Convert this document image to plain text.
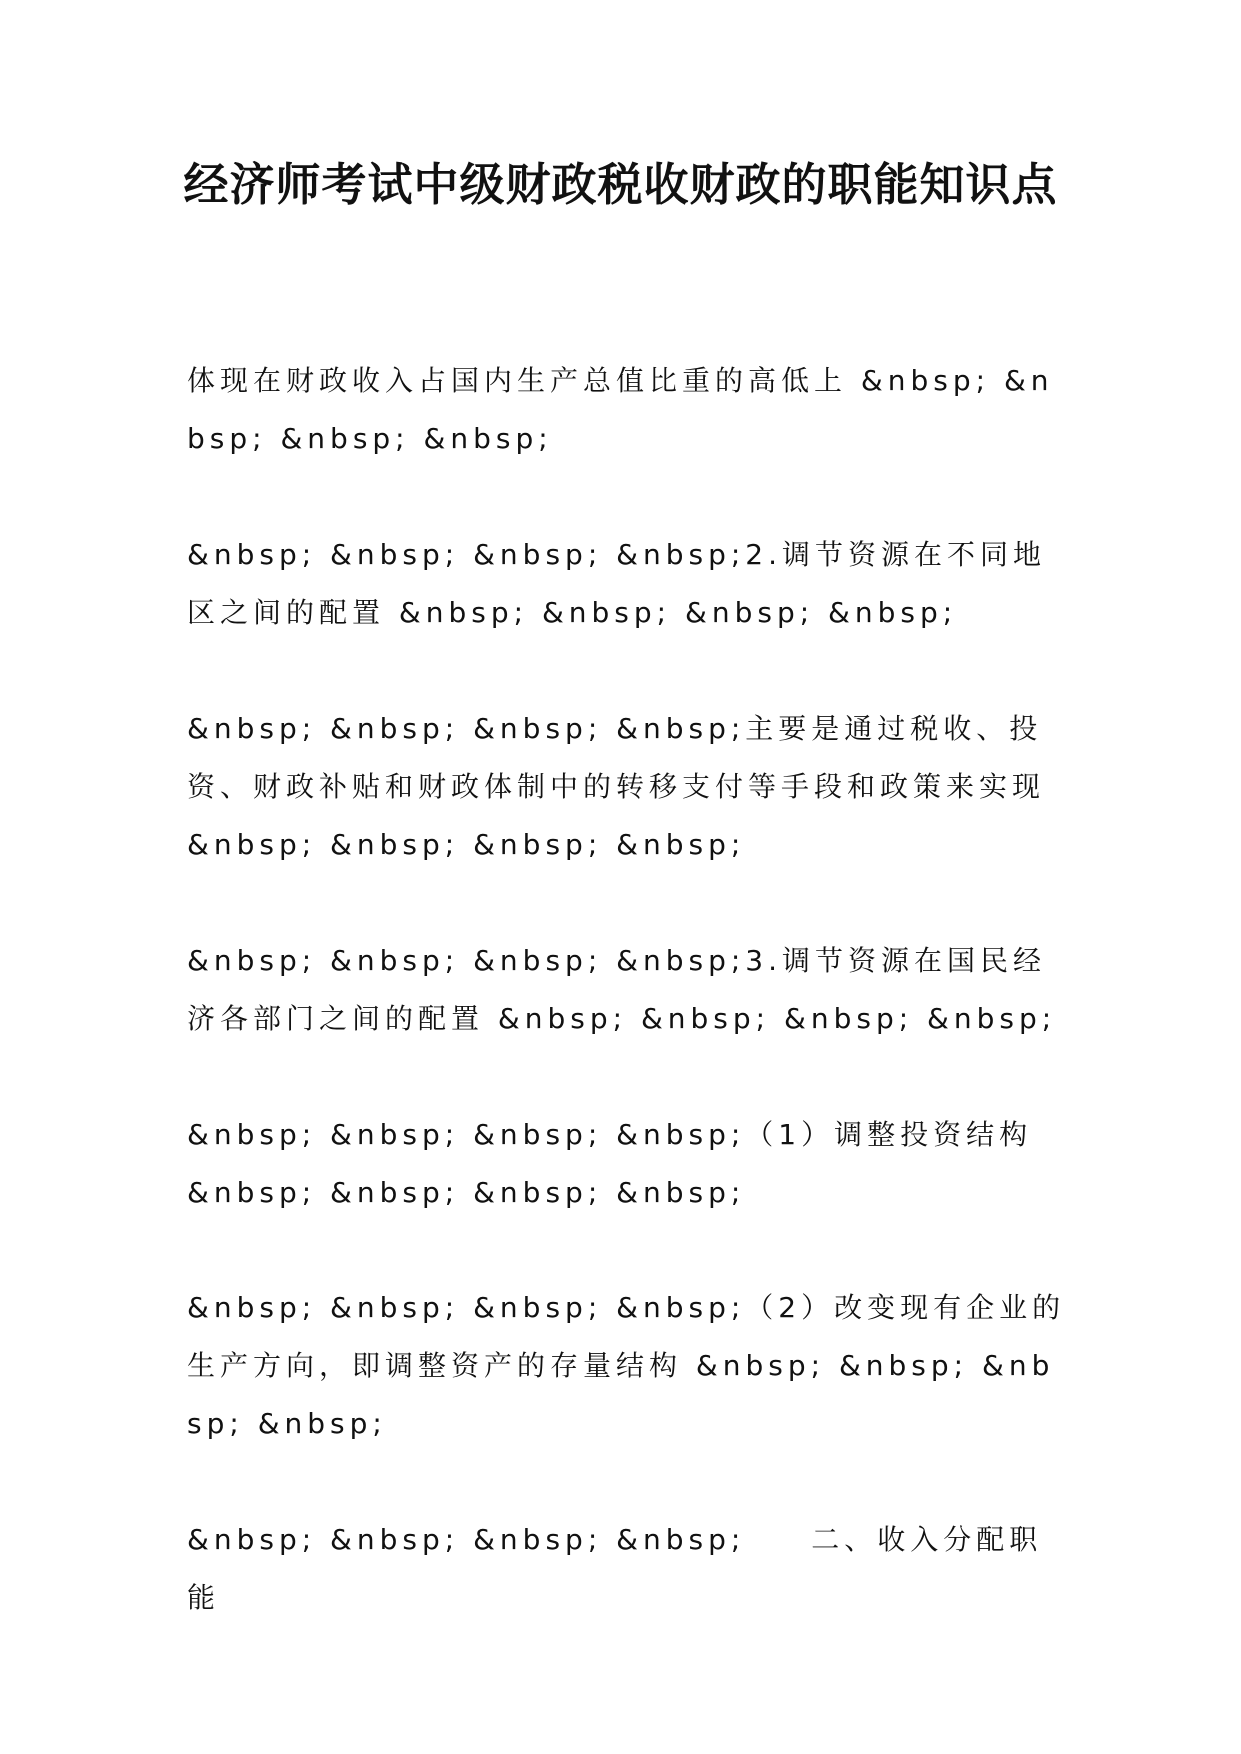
经济师考试中级财政税收财政的职能知识点

体现在财政收入占国内生产总值比重的高低上 &nbsp; &nbsp; &nbsp; &nbsp;

&nbsp; &nbsp; &nbsp; &nbsp;2.调节资源在不同地区之间的配置 &nbsp; &nbsp; &nbsp; &nbsp;

&nbsp; &nbsp; &nbsp; &nbsp;主要是通过税收、投资、财政补贴和财政体制中的转移支付等手段和政策来实现 &nbsp; &nbsp; &nbsp; &nbsp;

&nbsp; &nbsp; &nbsp; &nbsp;3.调节资源在国民经济各部门之间的配置 &nbsp; &nbsp; &nbsp; &nbsp;

&nbsp; &nbsp; &nbsp; &nbsp;（1）调整投资结构 &nbsp; &nbsp; &nbsp; &nbsp;

&nbsp; &nbsp; &nbsp; &nbsp;（2）改变现有企业的生产方向，即调整资产的存量结构 &nbsp; &nbsp; &nbsp; &nbsp;

&nbsp; &nbsp; &nbsp; &nbsp;　　二、收入分配职能
